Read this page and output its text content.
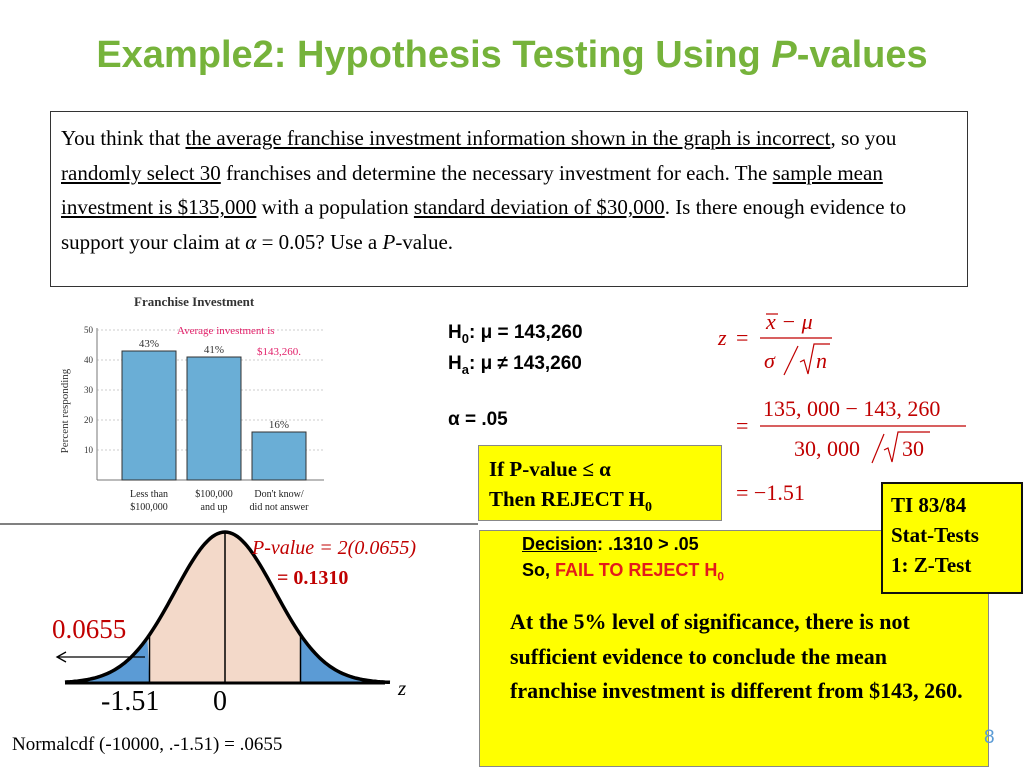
Example2: Hypothesis Testing Using P-values
You think that the average franchise investment information shown in the graph is incorrect, so you randomly select 30 franchises and determine the necessary investment for each. The sample mean investment is $135,000 with a population standard deviation of $30,000. Is there enough evidence to support your claim at α = 0.05? Use a P-value.
Franchise Investment
Percent responding 10
20
30
40
50
43%	41%
16%
Less than
$100,000
$100,000
and up
Don't know/
did not answer
Average investment is
$143,260.
$H_0$: μ = 143,260
$H_a$: μ ≠ 143,260
α = .05
z =
x − μ
σ n
=
135, 000 − 143, 260
30, 000 30
= −1.51
If P-value ≤ α
Then REJECT $H_0$
Decision: .1310 > .05
So, FAIL TO REJECT $H_0$
At the 5% level of significance, there is not sufficient evidence to conclude the mean franchise investment is different from $143, 260.
TI 83/84
Stat-Tests
1: Z-Test
P-value = 2(0.0655)
= 0.1310
0.0655
-1.51 0	z
Normalcdf (-10000, .-1.51) = .0655	8
